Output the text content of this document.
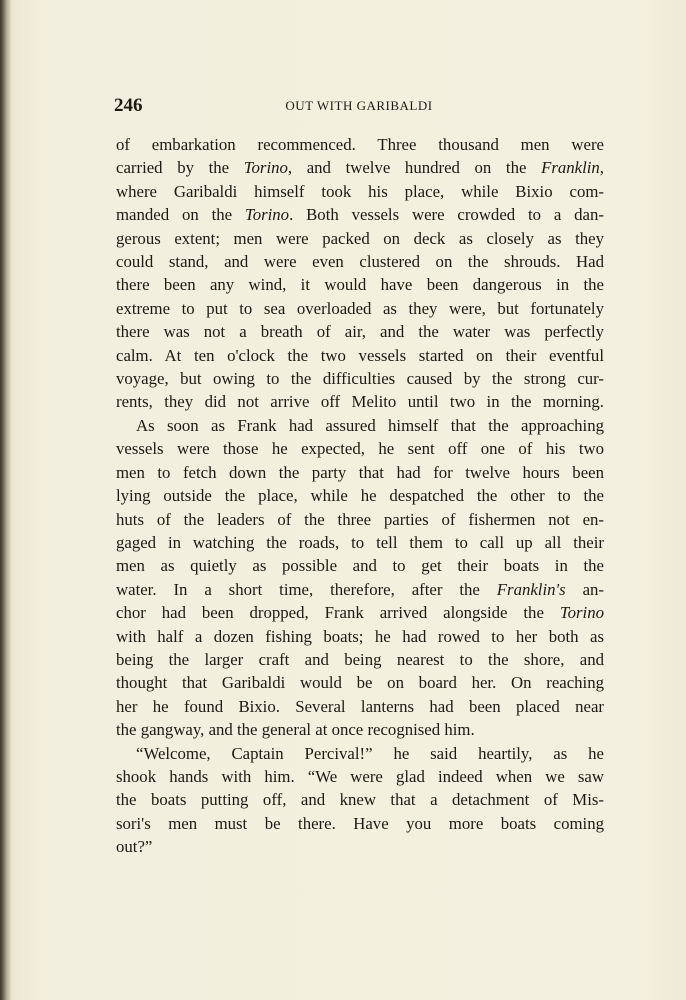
246	OUT WITH GARIBALDI
of embarkation recommenced. Three thousand men were
carried by the Torino, and twelve hundred on the Franklin,
where Garibaldi himself took his place, while Bixio com-
manded on the Torino. Both vessels were crowded to a dan-
gerous extent; men were packed on deck as closely as they
could stand, and were even clustered on the shrouds. Had
there been any wind, it would have been dangerous in the
extreme to put to sea overloaded as they were, but fortunately
there was not a breath of air, and the water was perfectly
calm. At ten o'clock the two vessels started on their eventful
voyage, but owing to the difficulties caused by the strong cur-
rents, they did not arrive off Melito until two in the morning.
As soon as Frank had assured himself that the approaching
vessels were those he expected, he sent off one of his two
men to fetch down the party that had for twelve hours been
lying outside the place, while he despatched the other to the
huts of the leaders of the three parties of fishermen not en-
gaged in watching the roads, to tell them to call up all their
men as quietly as possible and to get their boats in the
water. In a short time, therefore, after the Franklin's an-
chor had been dropped, Frank arrived alongside the Torino
with half a dozen fishing boats; he had rowed to her both as
being the larger craft and being nearest to the shore, and
thought that Garibaldi would be on board her. On reaching
her he found Bixio. Several lanterns had been placed near
the gangway, and the general at once recognised him.
“Welcome, Captain Percival!” he said heartily, as he
shook hands with him. “We were glad indeed when we saw
the boats putting off, and knew that a detachment of Mis-
sori's men must be there. Have you more boats coming
out?”
